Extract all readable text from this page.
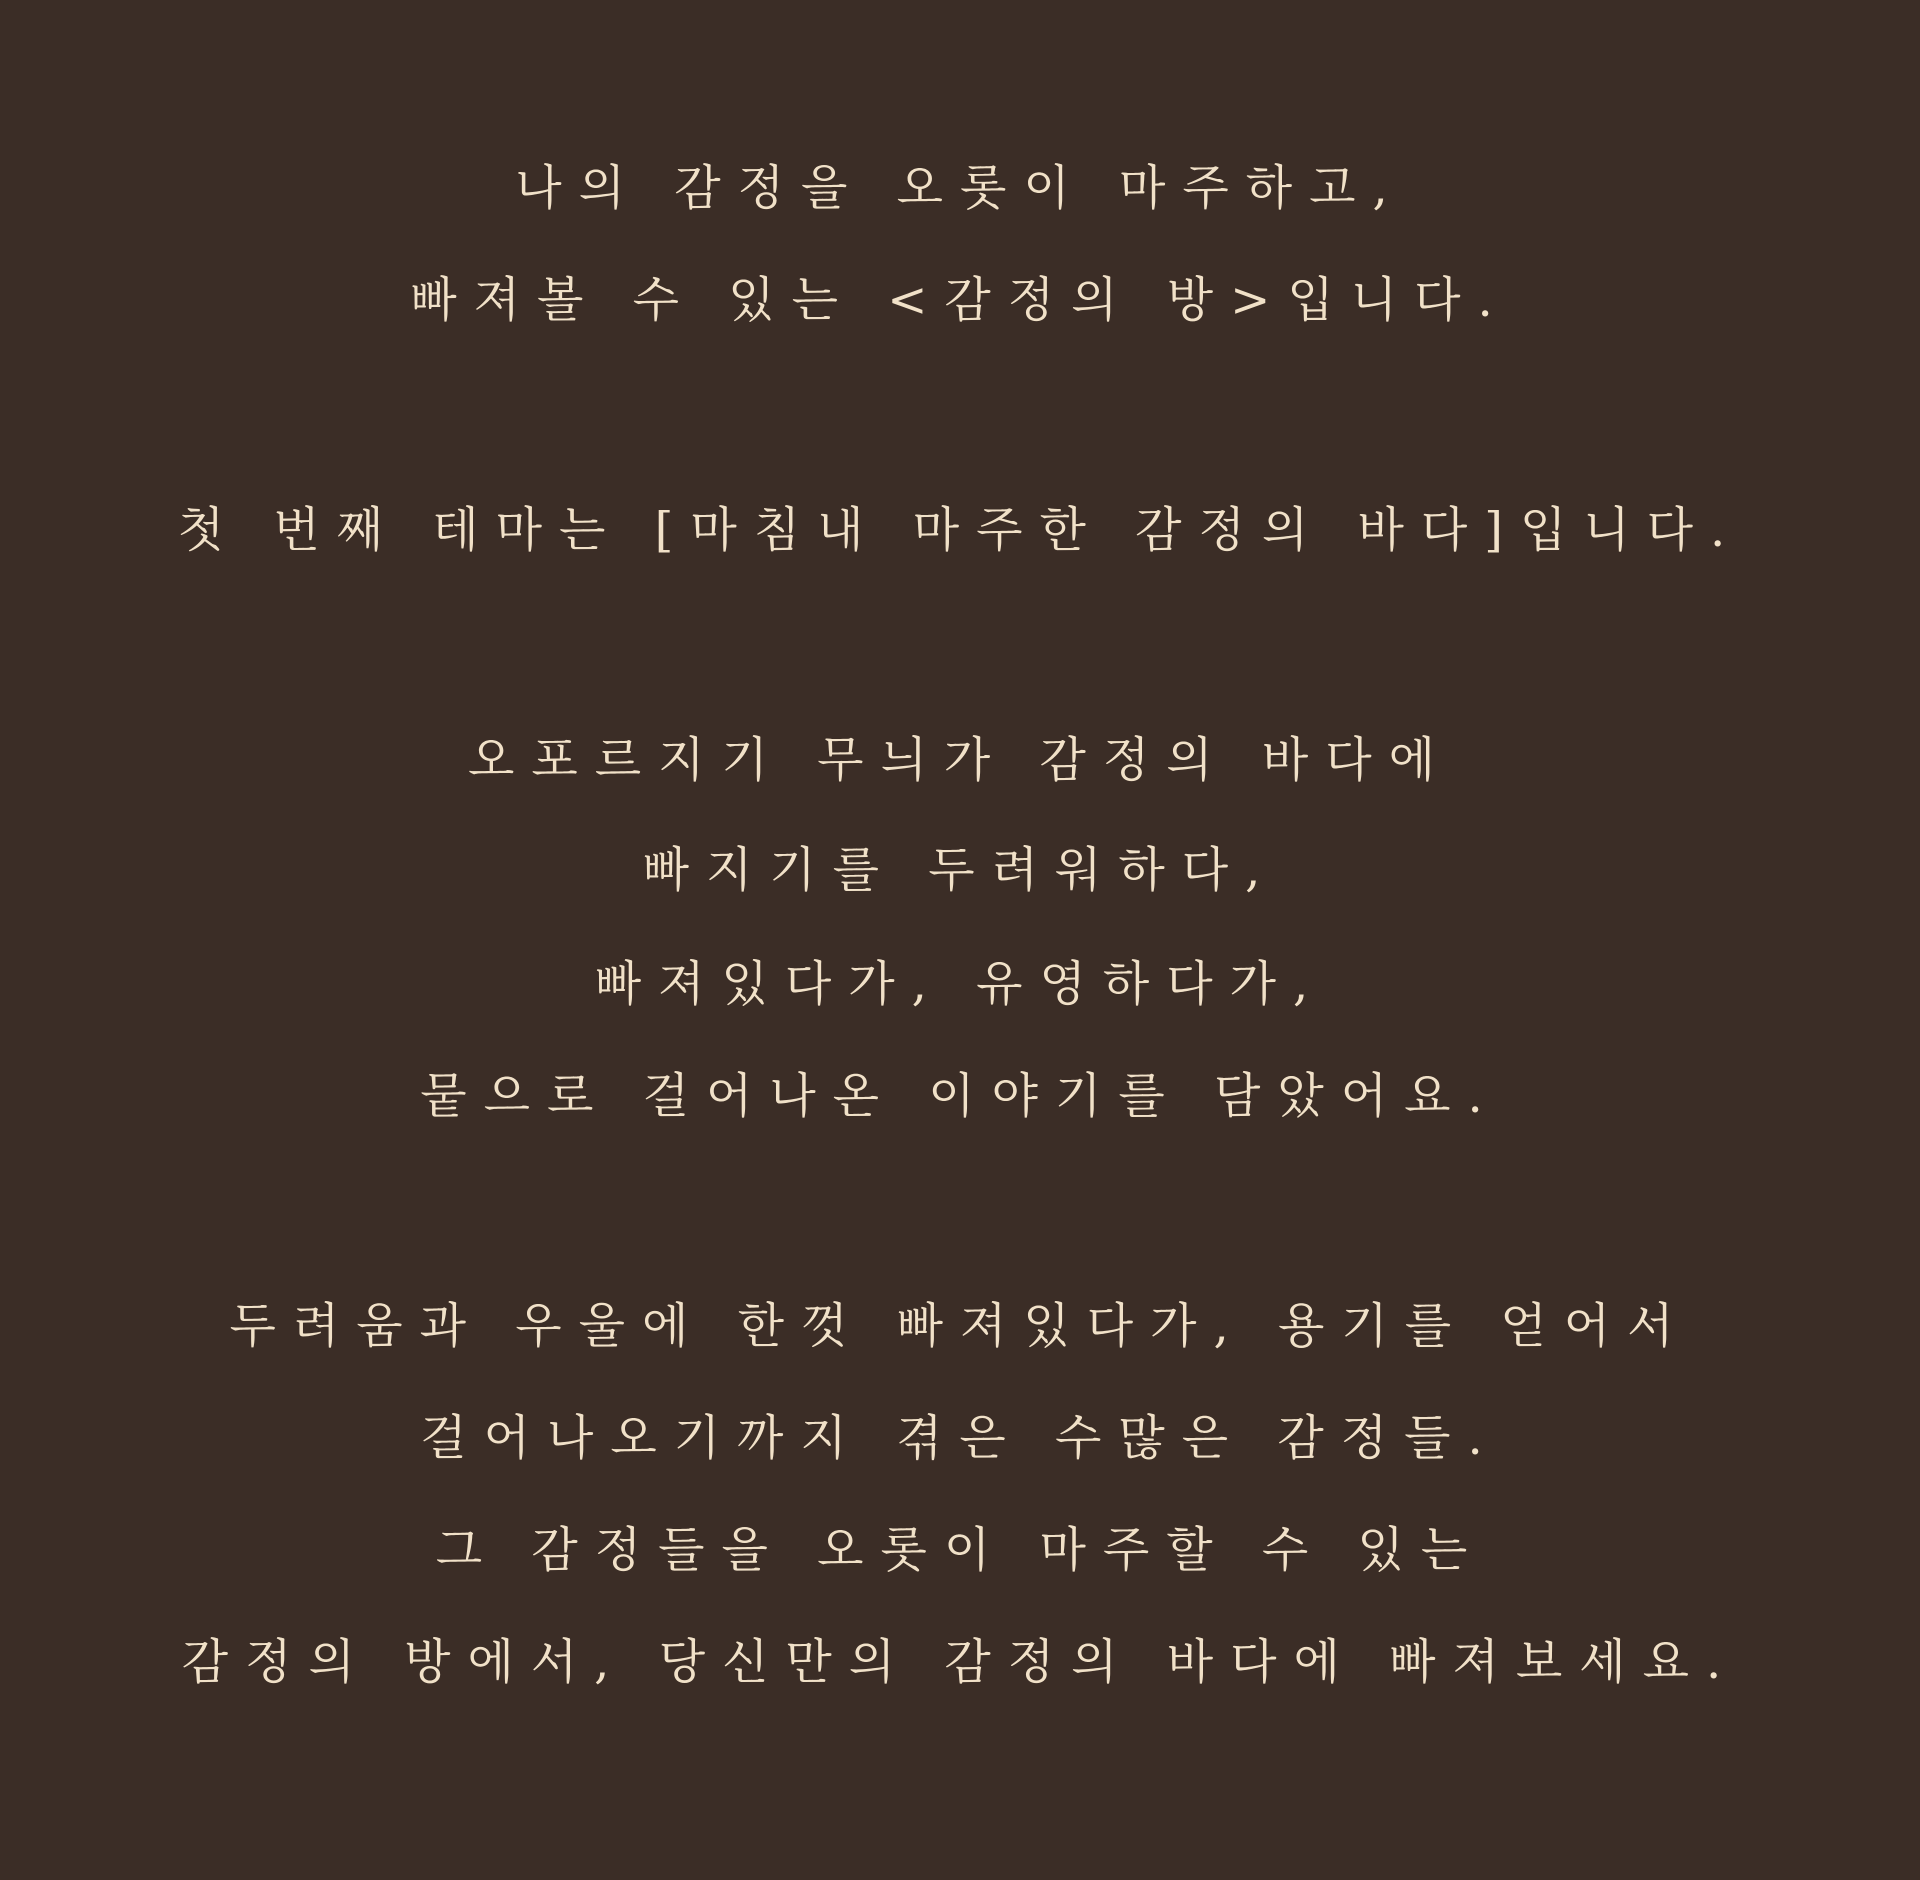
나의 감정을 오롯이 마주하고,
빠져볼 수 있는 <감정의 방>입니다.
첫 번째 테마는 [마침내 마주한 감정의 바다]입니다.
오포르지기 무늬가 감정의 바다에
빠지기를 두려워하다,
빠져있다가, 유영하다가,
뭍으로 걸어나온 이야기를 담았어요.
두려움과 우울에 한껏 빠져있다가, 용기를 얻어서
걸어나오기까지 겪은 수많은 감정들.
그 감정들을 오롯이 마주할 수 있는
감정의 방에서, 당신만의 감정의 바다에 빠져보세요.
